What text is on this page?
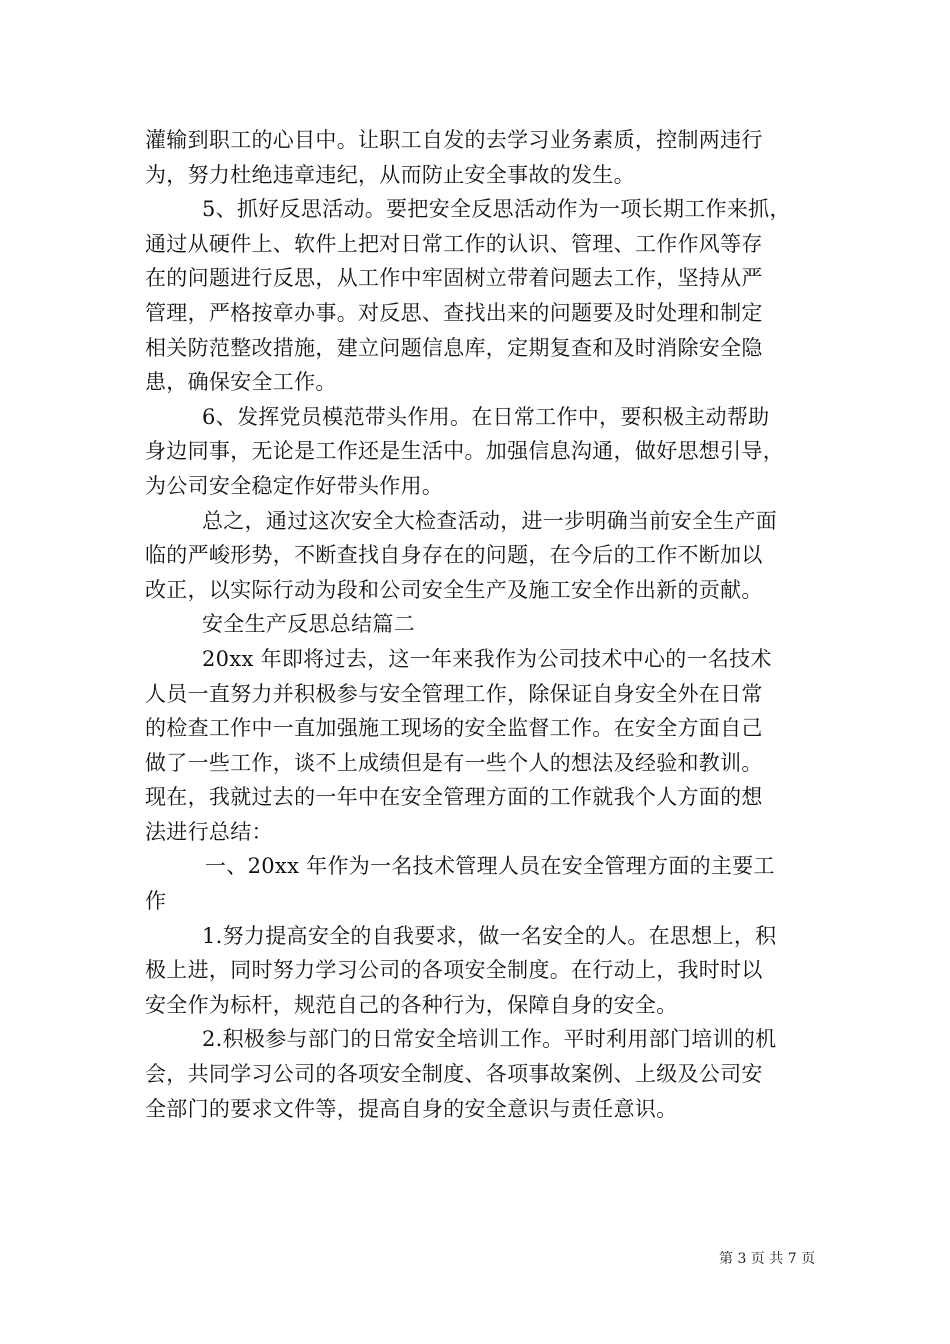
灌输到职工的心目中。让职工自发的去学习业务素质，控制两违行
为，努力杜绝违章违纪，从而防止安全事故的发生。
5、抓好反思活动。要把安全反思活动作为一项长期工作来抓，
通过从硬件上、软件上把对日常工作的认识、管理、工作作风等存
在的问题进行反思，从工作中牢固树立带着问题去工作，坚持从严
管理，严格按章办事。对反思、查找出来的问题要及时处理和制定
相关防范整改措施，建立问题信息库，定期复查和及时消除安全隐
患，确保安全工作。
6、发挥党员模范带头作用。在日常工作中，要积极主动帮助
身边同事，无论是工作还是生活中。加强信息沟通，做好思想引导，
为公司安全稳定作好带头作用。
总之，通过这次安全大检查活动，进一步明确当前安全生产面
临的严峻形势，不断查找自身存在的问题，在今后的工作不断加以
改正，以实际行动为段和公司安全生产及施工安全作出新的贡献。
安全生产反思总结篇二
20xx 年即将过去，这一年来我作为公司技术中心的一名技术
人员一直努力并积极参与安全管理工作，除保证自身安全外在日常
的检查工作中一直加强施工现场的安全监督工作。在安全方面自己
做了一些工作，谈不上成绩但是有一些个人的想法及经验和教训。
现在，我就过去的一年中在安全管理方面的工作就我个人方面的想
法进行总结：
一、20xx 年作为一名技术管理人员在安全管理方面的主要工
作
1.努力提高安全的自我要求，做一名安全的人。在思想上，积
极上进，同时努力学习公司的各项安全制度。在行动上，我时时以
安全作为标杆，规范自己的各种行为，保障自身的安全。
2.积极参与部门的日常安全培训工作。平时利用部门培训的机
会，共同学习公司的各项安全制度、各项事故案例、上级及公司安
全部门的要求文件等，提高自身的安全意识与责任意识。
第 3 页 共 7 页
